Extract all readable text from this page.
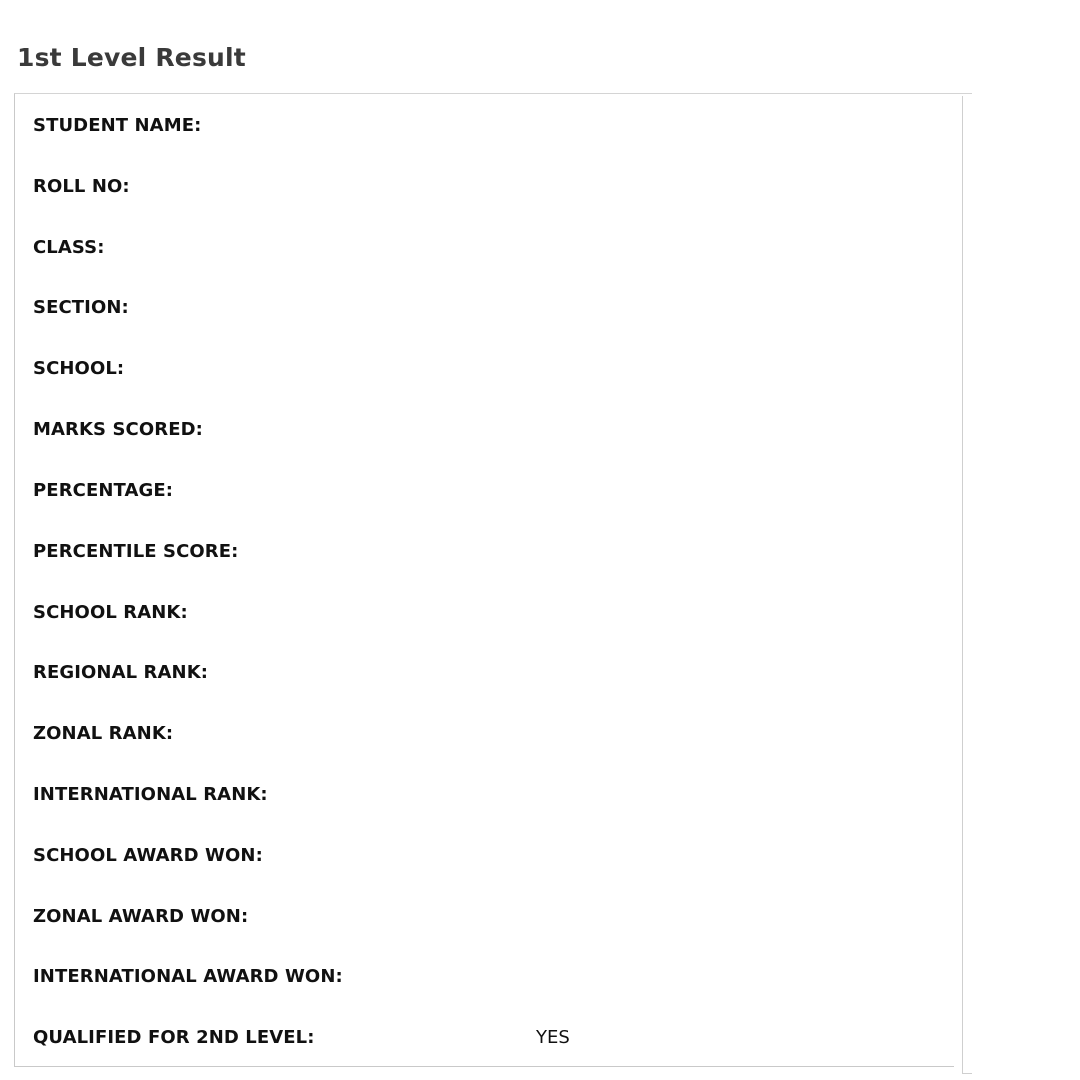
1st Level Result
STUDENT NAME:
ROLL NO:
CLASS:
SECTION:
SCHOOL:
MARKS SCORED:
PERCENTAGE:
PERCENTILE SCORE:
SCHOOL RANK:
REGIONAL RANK:
ZONAL RANK:
INTERNATIONAL RANK:
SCHOOL AWARD WON:
ZONAL AWARD WON:
INTERNATIONAL AWARD WON:
QUALIFIED FOR 2ND LEVEL:	YES
